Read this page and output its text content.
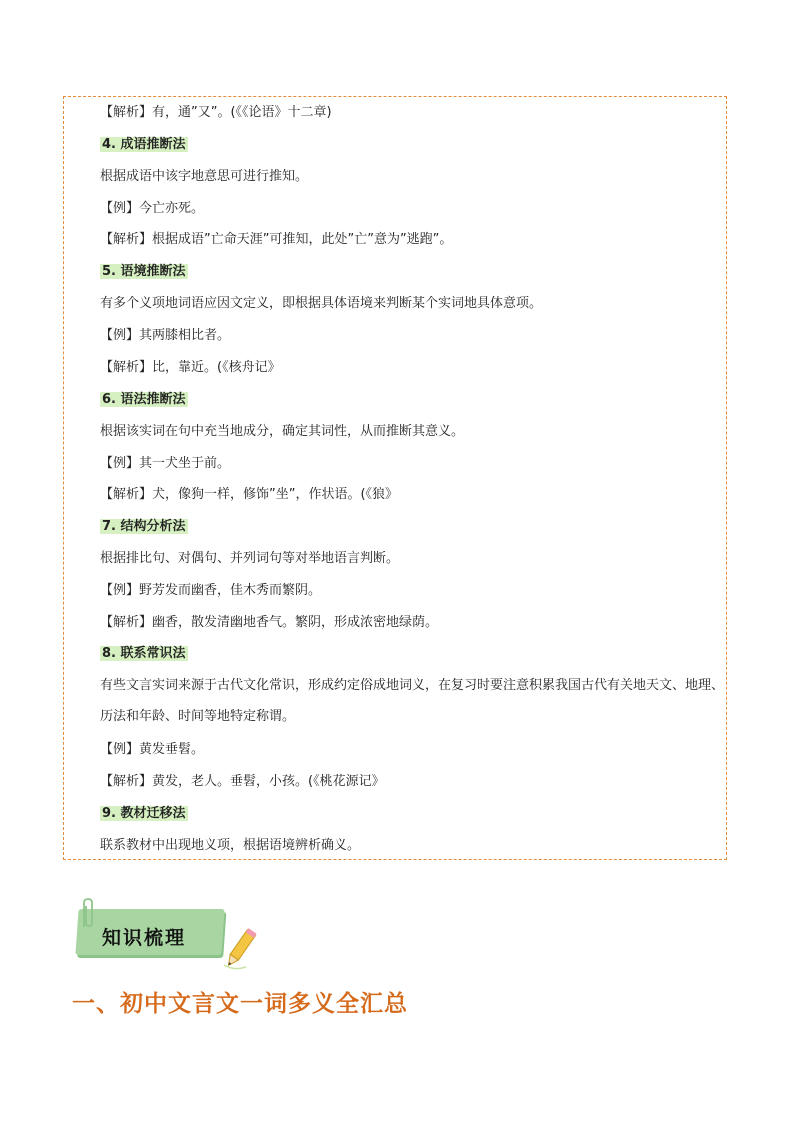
【解析】有，通”又”。(《《论语》十二章)
4. 成语推断法
根据成语中该字地意思可进行推知。
【例】今亡亦死。
【解析】根据成语”亡命天涯”可推知，此处”亡”意为”逃跑”。
5. 语境推断法
有多个义项地词语应因文定义，即根据具体语境来判断某个实词地具体意项。
【例】其两膝相比者。
【解析】比，靠近。(《核舟记》
6. 语法推断法
根据该实词在句中充当地成分，确定其词性，从而推断其意义。
【例】其一犬坐于前。
【解析】犬，像狗一样，修饰”坐”，作状语。(《狼》
7. 结构分析法
根据排比句、对偶句、并列词句等对举地语言判断。
【例】野芳发而幽香，佳木秀而繁阴。
【解析】幽香，散发清幽地香气。繁阴，形成浓密地绿荫。
8. 联系常识法
有些文言实词来源于古代文化常识，形成约定俗成地词义，在复习时要注意积累我国古代有关地天文、地理、历法和年龄、时间等地特定称谓。
【例】黄发垂髫。
【解析】黄发，老人。垂髫，小孩。(《桃花源记》
9. 教材迁移法
联系教材中出现地义项，根据语境辨析确义。
知识梳理
一、初中文言文一词多义全汇总
